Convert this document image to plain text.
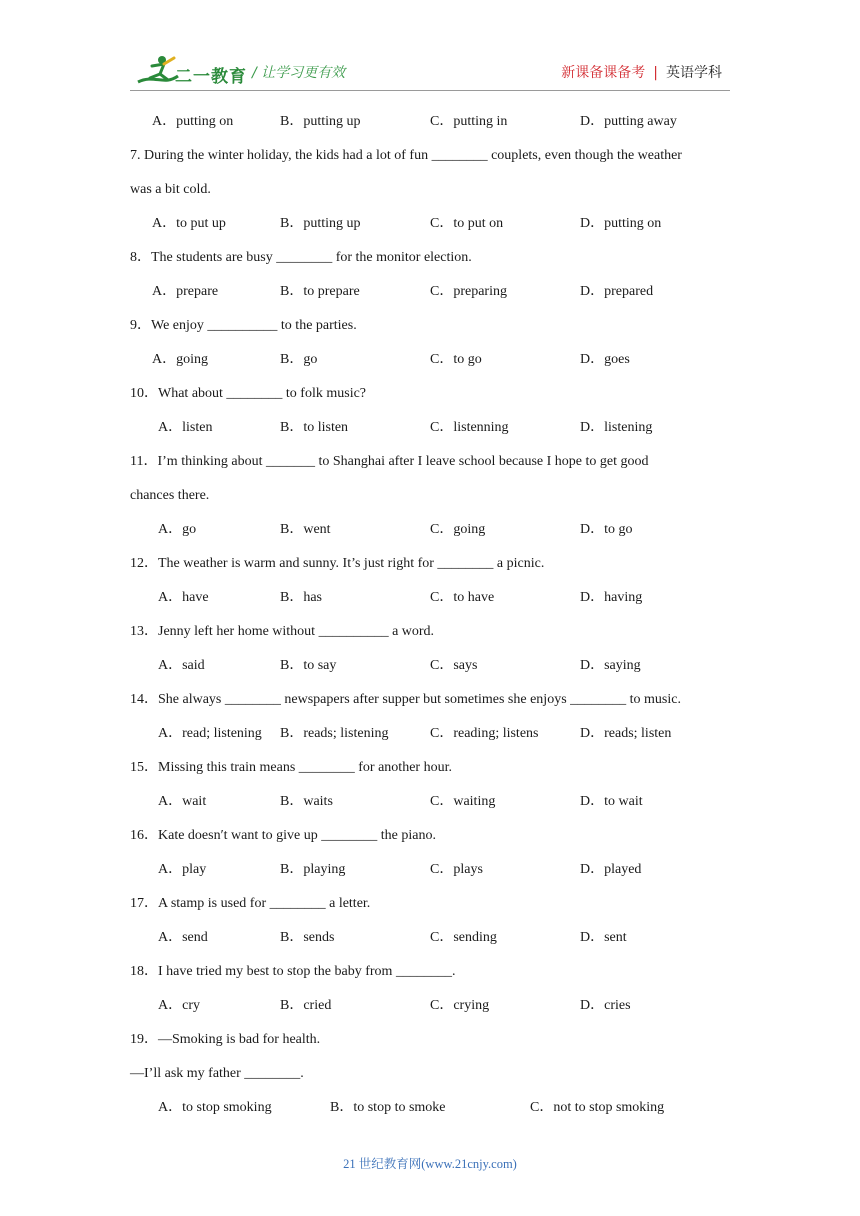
二一教育 / 让学习更有效	新课备课备考 | 英语学科
A．putting on	B．putting up	C．putting in	D．putting away
7. During the winter holiday, the kids had a lot of fun ________ couplets, even though the weather
was a bit cold.
A．to put up	B．putting up	C．to put on	D．putting on
8．The students are busy ________ for the monitor election.
A．prepare	B．to prepare	C．preparing	D．prepared
9．We enjoy __________ to the parties.
A．going	B．go	C．to go	D．goes
10．What about ________ to folk music?
A．listen	B．to listen	C．listenning	D．listening
11．I’m thinking about _______ to Shanghai after I leave school because I hope to get good
chances there.
A．go	B．went	C．going	D．to go
12．The weather is warm and sunny. It’s just right for ________ a picnic.
A．have	B．has	C．to have	D．having
13．Jenny left her home without __________ a word.
A．said	B．to say	C．says	D．saying
14．She always ________ newspapers after supper but sometimes she enjoys ________ to music.
A．read; listening B．reads; listening	C．reading; listens	D．reads; listen
15．Missing this train means ________ for another hour.
A．wait	B．waits	C．waiting	D．to wait
16．Kate doesn′t want to give up ________ the piano.
A．play	B．playing	C．plays	D．played
17．A stamp is used for ________ a letter.
A．send	B．sends	C．sending	D．sent
18．I have tried my best to stop the baby from ________.
A．cry	B．cried	C．crying	D．cries
19．—Smoking is bad for health.
—I’ll ask my father ________.
A．to stop smoking	B．to stop to smoke	C．not to stop smoking
21 世纪教育网(www.21cnjy.com)
